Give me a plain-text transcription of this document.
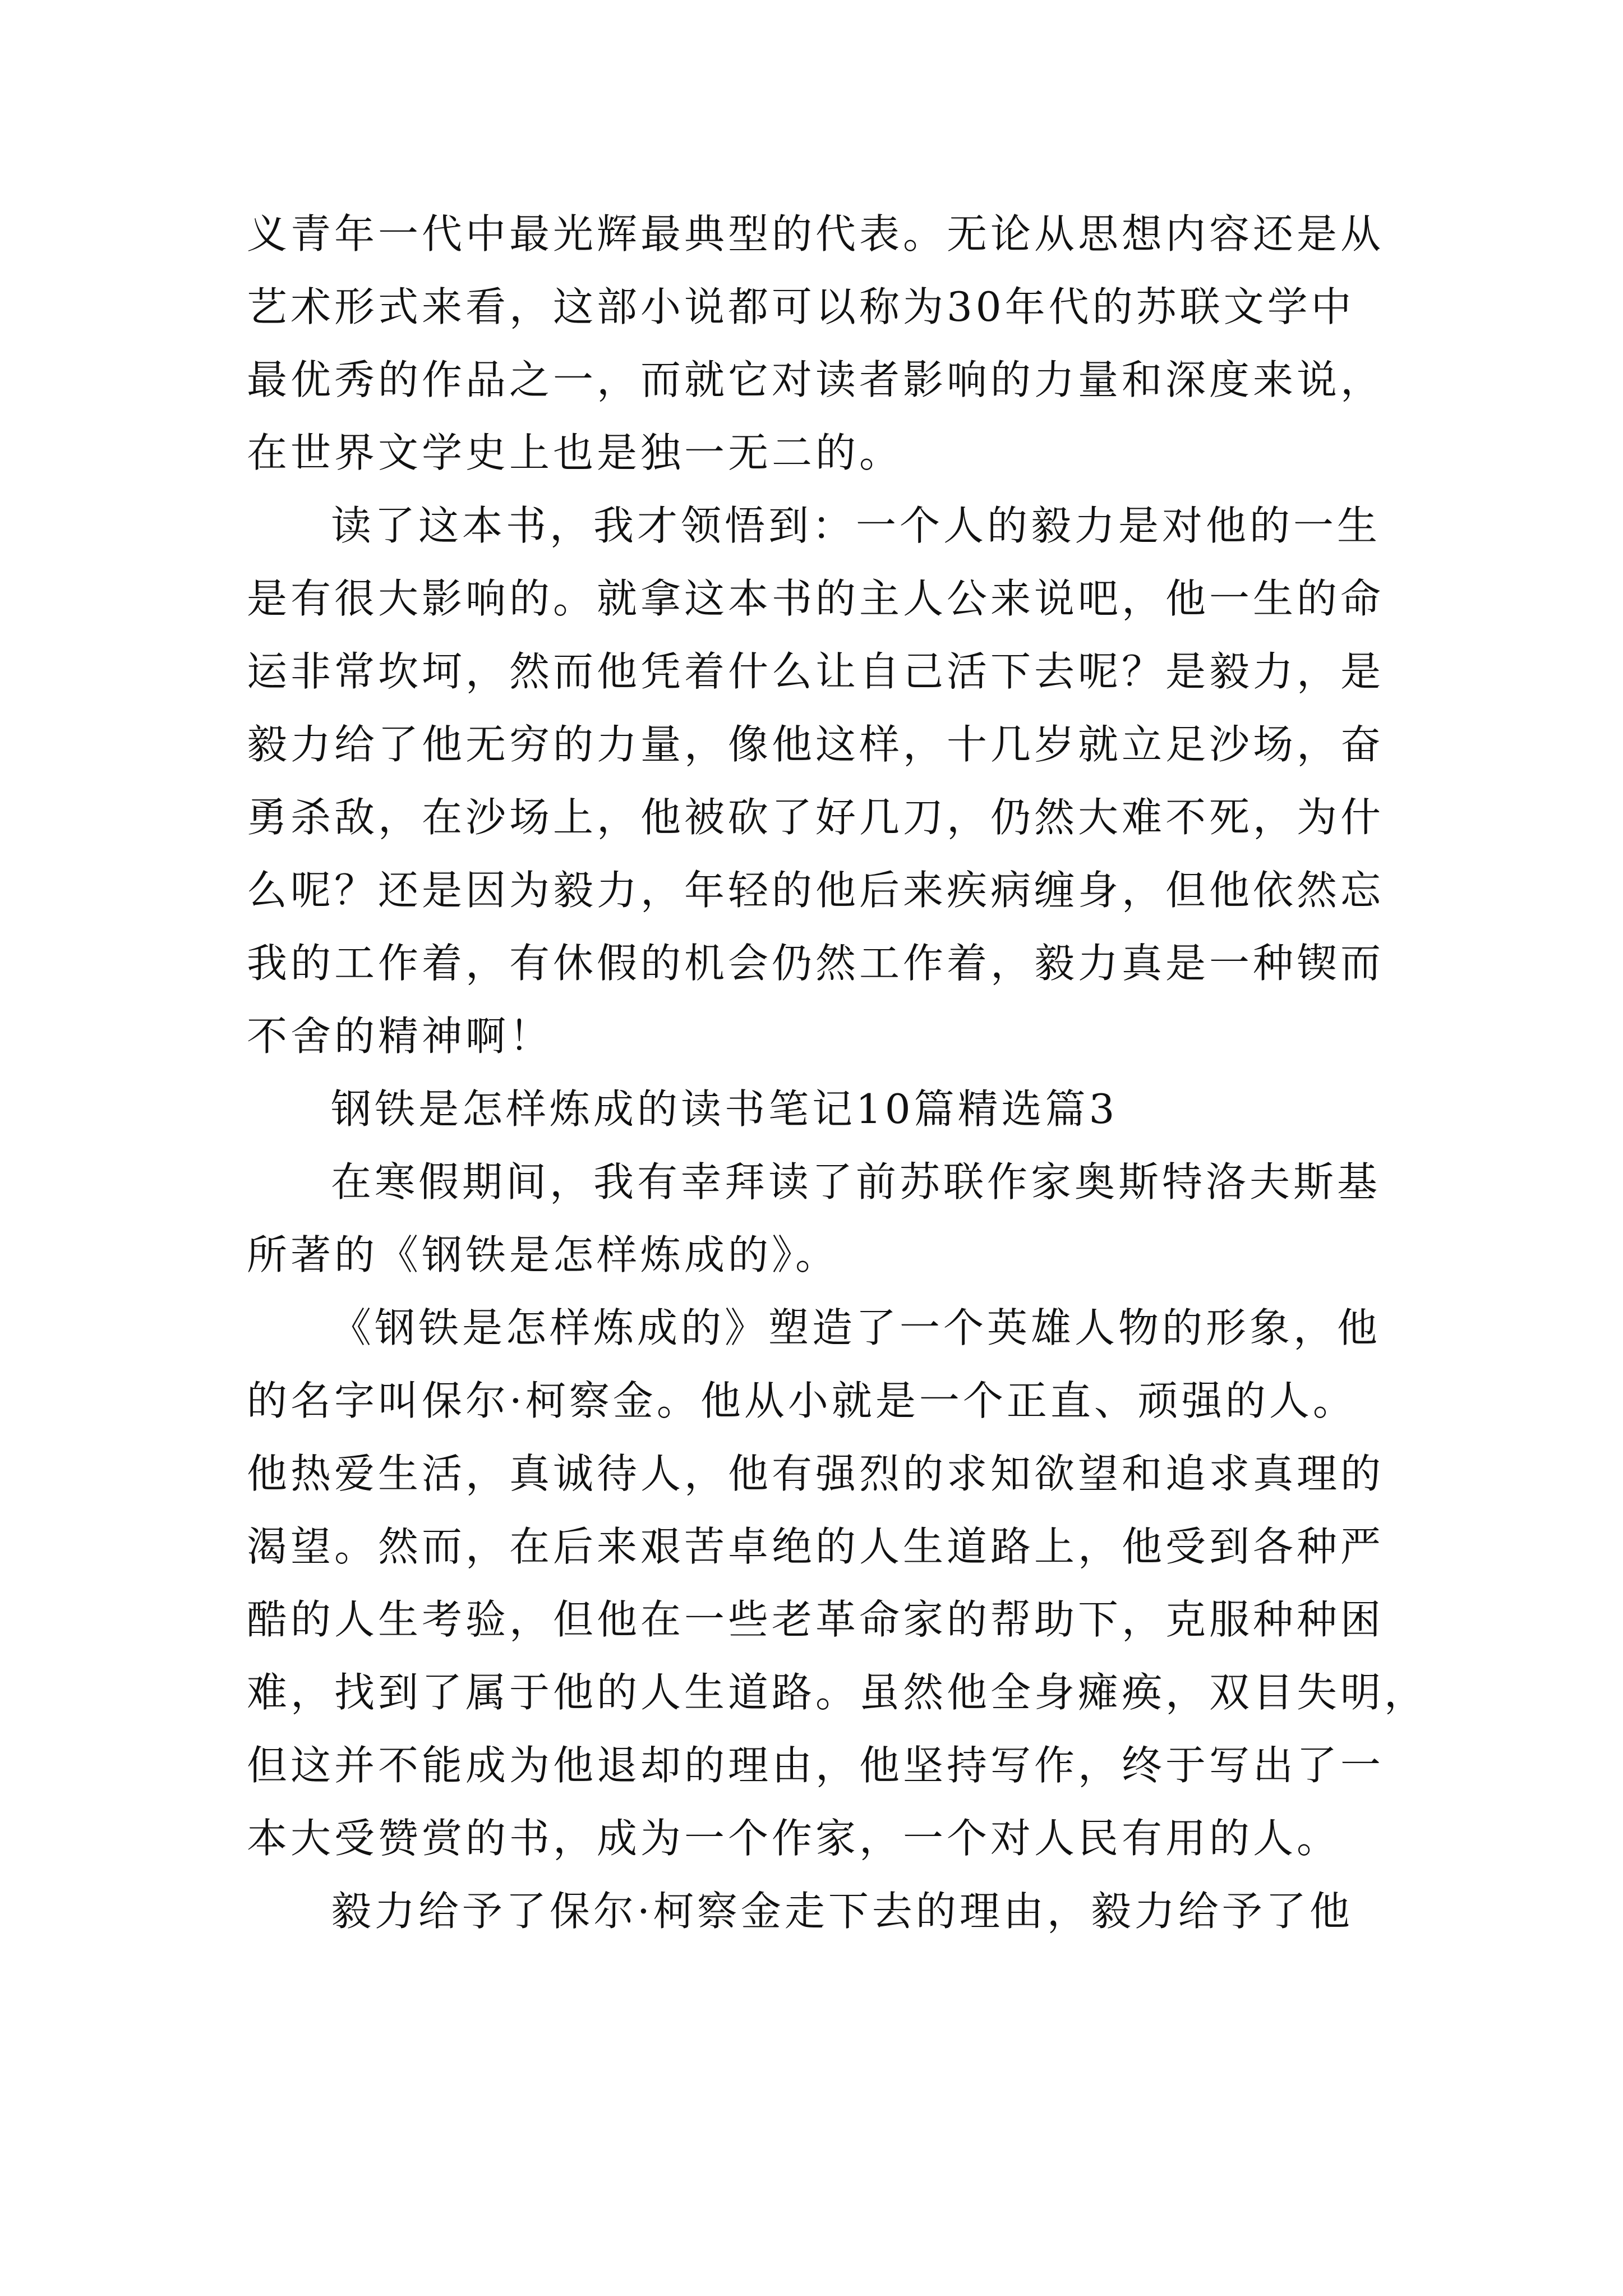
义青年一代中最光辉最典型的代表。无论从思想内容还是从
艺术形式来看，这部小说都可以称为30年代的苏联文学中
最优秀的作品之一，而就它对读者影响的力量和深度来说，
在世界文学史上也是独一无二的。
读了这本书，我才领悟到：一个人的毅力是对他的一生
是有很大影响的。就拿这本书的主人公来说吧，他一生的命
运非常坎坷，然而他凭着什么让自己活下去呢？是毅力，是
毅力给了他无穷的力量，像他这样，十几岁就立足沙场，奋
勇杀敌，在沙场上，他被砍了好几刀，仍然大难不死，为什
么呢？还是因为毅力，年轻的他后来疾病缠身，但他依然忘
我的工作着，有休假的机会仍然工作着，毅力真是一种锲而
不舍的精神啊！
钢铁是怎样炼成的读书笔记10篇精选篇3
在寒假期间，我有幸拜读了前苏联作家奥斯特洛夫斯基
所著的《钢铁是怎样炼成的》。
《钢铁是怎样炼成的》塑造了一个英雄人物的形象，他
的名字叫保尔·柯察金。他从小就是一个正直、顽强的人。
他热爱生活，真诚待人，他有强烈的求知欲望和追求真理的
渴望。然而，在后来艰苦卓绝的人生道路上，他受到各种严
酷的人生考验，但他在一些老革命家的帮助下，克服种种困
难，找到了属于他的人生道路。虽然他全身瘫痪，双目失明，
但这并不能成为他退却的理由，他坚持写作，终于写出了一
本大受赞赏的书，成为一个作家，一个对人民有用的人。
毅力给予了保尔·柯察金走下去的理由，毅力给予了他
